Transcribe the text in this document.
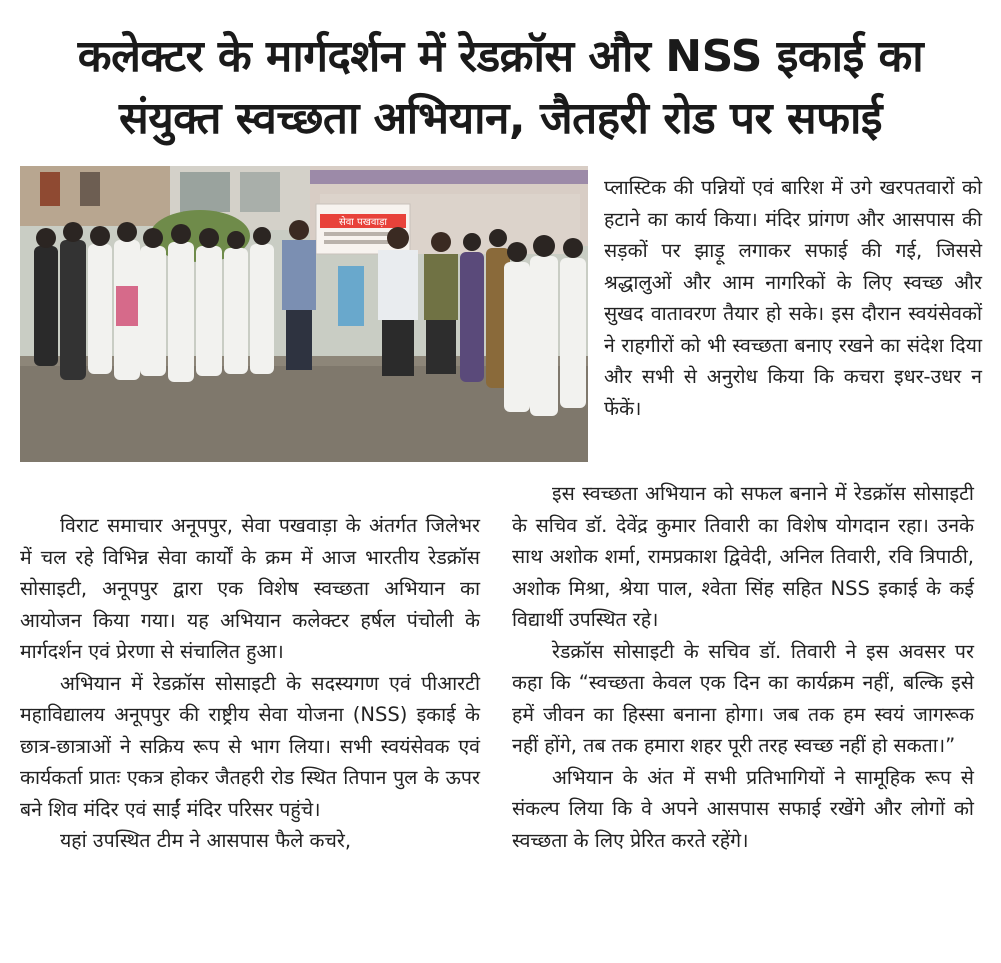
कलेक्टर के मार्गदर्शन में रेडक्रॉस और NSS इकाई का
संयुक्त स्वच्छता अभियान, जैतहरी रोड पर सफाई
सेवा पखवाड़ा

प्लास्टिक की पन्नियों एवं बारिश में उगे खरपतवारों को हटाने का कार्य किया। मंदिर प्रांगण और आसपास की सड़कों पर झाड़ू लगाकर सफाई की गई, जिससे श्रद्धालुओं और आम नागरिकों के लिए स्वच्छ और सुखद वातावरण तैयार हो सके। इस दौरान स्वयंसेवकों ने राहगीरों को भी स्वच्छता बनाए रखने का संदेश दिया और सभी से अनुरोध किया कि कचरा इधर-उधर न फेंकें।

विराट समाचार अनूपपुर, सेवा पखवाड़ा के अंतर्गत जिलेभर में चल रहे विभिन्न सेवा कार्यों के क्रम में आज भारतीय रेडक्रॉस सोसाइटी, अनूपपुर द्वारा एक विशेष स्वच्छता अभियान का आयोजन किया गया। यह अभियान कलेक्टर हर्षल पंचोली के मार्गदर्शन एवं प्रेरणा से संचालित हुआ।

अभियान में रेडक्रॉस सोसाइटी के सदस्यगण एवं पीआरटी महाविद्यालय अनूपपुर की राष्ट्रीय सेवा योजना (NSS) इकाई के छात्र-छात्राओं ने सक्रिय रूप से भाग लिया। सभी स्वयंसेवक एवं कार्यकर्ता प्रातः एकत्र होकर जैतहरी रोड स्थित तिपान पुल के ऊपर बने शिव मंदिर एवं साईं मंदिर परिसर पहुंचे।

यहां उपस्थित टीम ने आसपास फैले कचरे,

इस स्वच्छता अभियान को सफल बनाने में रेडक्रॉस सोसाइटी के सचिव डॉ. देवेंद्र कुमार तिवारी का विशेष योगदान रहा। उनके साथ अशोक शर्मा, रामप्रकाश द्विवेदी, अनिल तिवारी, रवि त्रिपाठी, अशोक मिश्रा, श्रेया पाल, श्वेता सिंह सहित NSS इकाई के कई विद्यार्थी उपस्थित रहे।

रेडक्रॉस सोसाइटी के सचिव डॉ. तिवारी ने इस अवसर पर कहा कि “स्वच्छता केवल एक दिन का कार्यक्रम नहीं, बल्कि इसे हमें जीवन का हिस्सा बनाना होगा। जब तक हम स्वयं जागरूक नहीं होंगे, तब तक हमारा शहर पूरी तरह स्वच्छ नहीं हो सकता।”

अभियान के अंत में सभी प्रतिभागियों ने सामूहिक रूप से संकल्प लिया कि वे अपने आसपास सफाई रखेंगे और लोगों को स्वच्छता के लिए प्रेरित करते रहेंगे।
